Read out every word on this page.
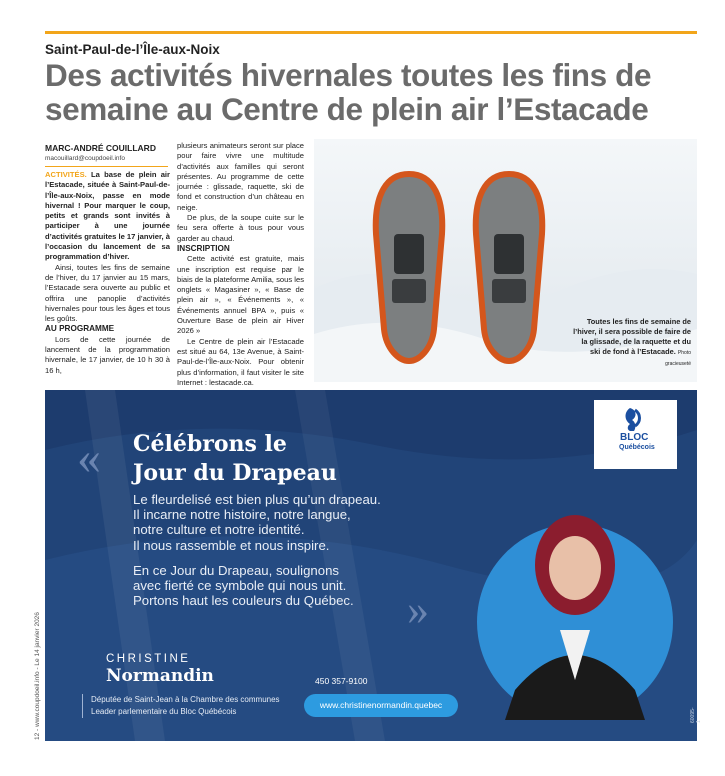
Saint-Paul-de-l’Île-aux-Noix
Des activités hivernales toutes les fins de semaine au Centre de plein air l’Estacade
MARC-ANDRÉ COUILLARD
macouillard@coupdoeil.info

ACTIVITÉS. La base de plein air l’Estacade, située à Saint-Paul-de-l’Île-aux-Noix, passe en mode hivernal ! Pour marquer le coup, petits et grands sont invités à participer à une journée d’activités gratuites le 17 janvier, à l’occasion du lancement de sa programmation d’hiver.

Ainsi, toutes les fins de semaine de l’hiver, du 17 janvier au 15 mars, l’Estacade sera ouverte au public et offrira une panoplie d’activités hivernales pour tous les âges et tous les goûts.

AU PROGRAMME

Lors de cette journée de lancement de la programmation hivernale, le 17 janvier, de 10 h 30 à 16 h,

plusieurs animateurs seront sur place pour faire vivre une multitude d’activités aux familles qui seront présentes. Au programme de cette journée : glissade, raquette, ski de fond et construction d’un château en neige.

De plus, de la soupe cuite sur le feu sera offerte à tous pour vous garder au chaud.

INSCRIPTION

Cette activité est gratuite, mais une inscription est requise par le biais de la plateforme Amilia, sous les onglets « Magasiner », « Base de plein air », « Événements », « Événements annuel BPA », puis « Ouverture Base de plein air Hiver 2026 »

Le Centre de plein air l’Estacade est situé au 64, 13e Avenue, à Saint-Paul-de-l’Île-aux-Noix. Pour obtenir plus d’information, il faut visiter le site Internet : lestacade.ca.

Toutes les fins de semaine de l’hiver, il sera possible de faire de la glissade, de la raquette et du ski de fond à l’Estacade. Photo gracieuseté
« Célébrons le
Jour du Drapeau
Le fleurdelisé est bien plus qu’un drapeau.
Il incarne notre histoire, notre langue,
notre culture et notre identité.
Il nous rassemble et nous inspire.
En ce Jour du Drapeau, soulignons
avec fierté ce symbole qui nous unit.
Portons haut les couleurs du Québec. »
CHRISTINE
Normandin
Députée de Saint-Jean à la Chambre des communes
Leader parlementaire du Bloc Québécois
450 357-9100
www.christinenormandin.quebec
BLOC
Québécois
60095-1
12 - www.coupdoeil.info - Le 14 janvier 2026
